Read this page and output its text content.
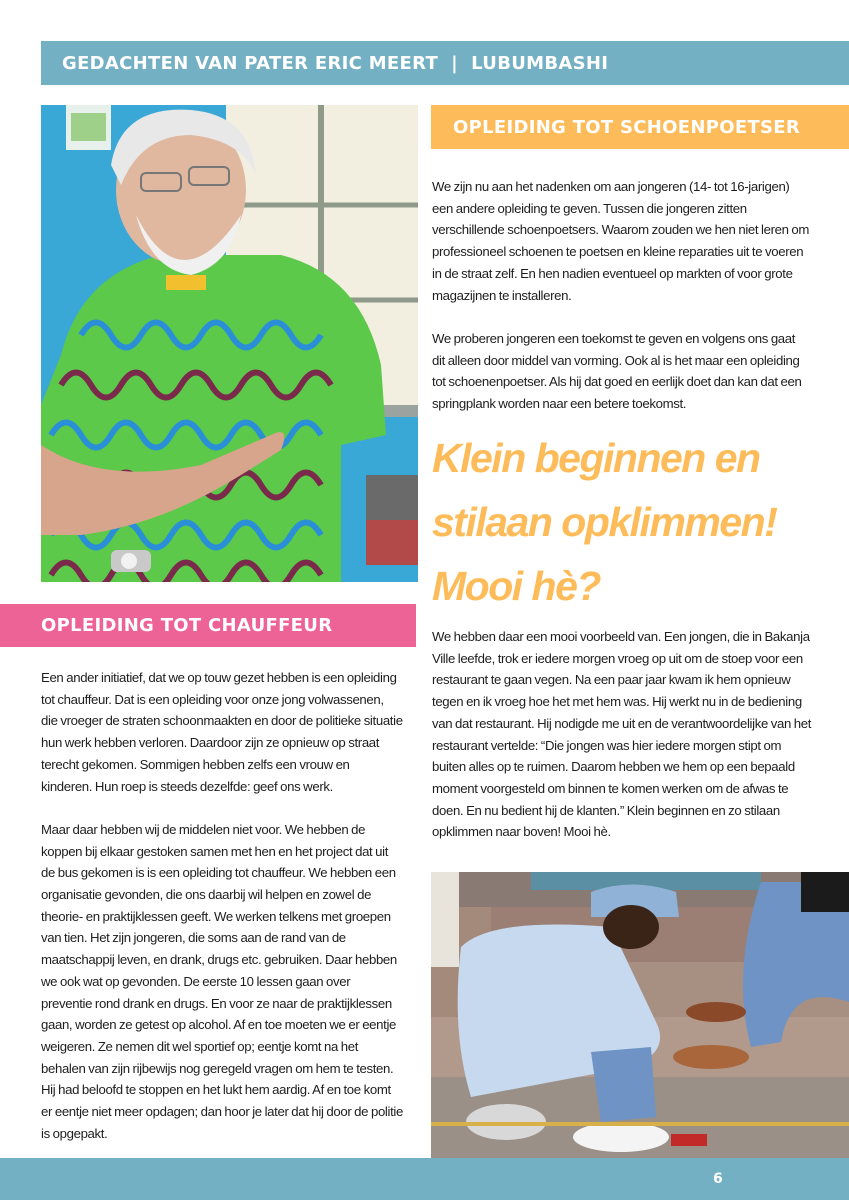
GEDACHTEN VAN PATER ERIC MEERT  |  LUBUMBASHI
OPLEIDING TOT SCHOENPOETSER

We zijn nu aan het nadenken om aan jongeren (14- tot 16-jarigen) een andere opleiding te geven. Tussen die jongeren zitten verschillende schoenpoetsers. Waarom zouden we hen niet leren om professioneel schoenen te poetsen en kleine reparaties uit te voeren in de straat zelf. En hen nadien eventueel op markten of voor grote magazijnen te installeren.

We proberen jongeren een toekomst te geven en volgens ons gaat dit alleen door middel van vorming. Ook al is het maar een opleiding tot schoenenpoetser. Als hij dat goed en eerlijk doet dan kan dat een springplank worden naar een betere toekomst.

Klein beginnen en
stilaan opklimmen!
Mooi hè?

We hebben daar een mooi voorbeeld van. Een jongen, die in Bakanja Ville leefde, trok er iedere morgen vroeg op uit om de stoep voor een restaurant te gaan vegen. Na een paar jaar kwam ik hem opnieuw tegen en ik vroeg hoe het met hem was. Hij werkt nu in de bediening van dat restaurant. Hij nodigde me uit en de verantwoordelijke van het restaurant vertelde: “Die jongen was hier iedere morgen stipt om buiten alles op te ruimen. Daarom hebben we hem op een bepaald moment voorgesteld om binnen te komen werken om de afwas te doen. En nu bedient hij de klanten.” Klein beginnen en zo stilaan opklimmen naar boven! Mooi hè.

OPLEIDING TOT CHAUFFEUR

Een ander initiatief, dat we op touw gezet hebben is een opleiding tot chauffeur. Dat is een opleiding voor onze jong volwassenen, die vroeger de straten schoonmaakten en door de politieke situatie hun werk hebben verloren. Daardoor zijn ze opnieuw op straat terecht gekomen. Sommigen hebben zelfs een vrouw en kinderen. Hun roep is steeds dezelfde: geef ons werk.

Maar daar hebben wij de middelen niet voor. We hebben de koppen bij elkaar gestoken samen met hen en het project dat uit de bus gekomen is is een opleiding tot chauffeur. We hebben een organisatie gevonden, die ons daarbij wil helpen en zowel de theorie- en praktijklessen geeft. We werken telkens met groepen van tien. Het zijn jongeren, die soms aan de rand van de maatschappij leven, en drank, drugs etc. gebruiken. Daar hebben we ook wat op gevonden. De eerste 10 lessen gaan over preventie rond drank en drugs. En voor ze naar de praktijklessen gaan, worden ze getest op alcohol. Af en toe moeten we er eentje weigeren. Ze nemen dit wel sportief op; eentje komt na het behalen van zijn rijbewijs nog geregeld vragen om hem te testen. Hij had beloofd te stoppen en het lukt hem aardig. Af en toe komt er eentje niet meer opdagen; dan hoor je later dat hij door de politie is opgepakt.

6
